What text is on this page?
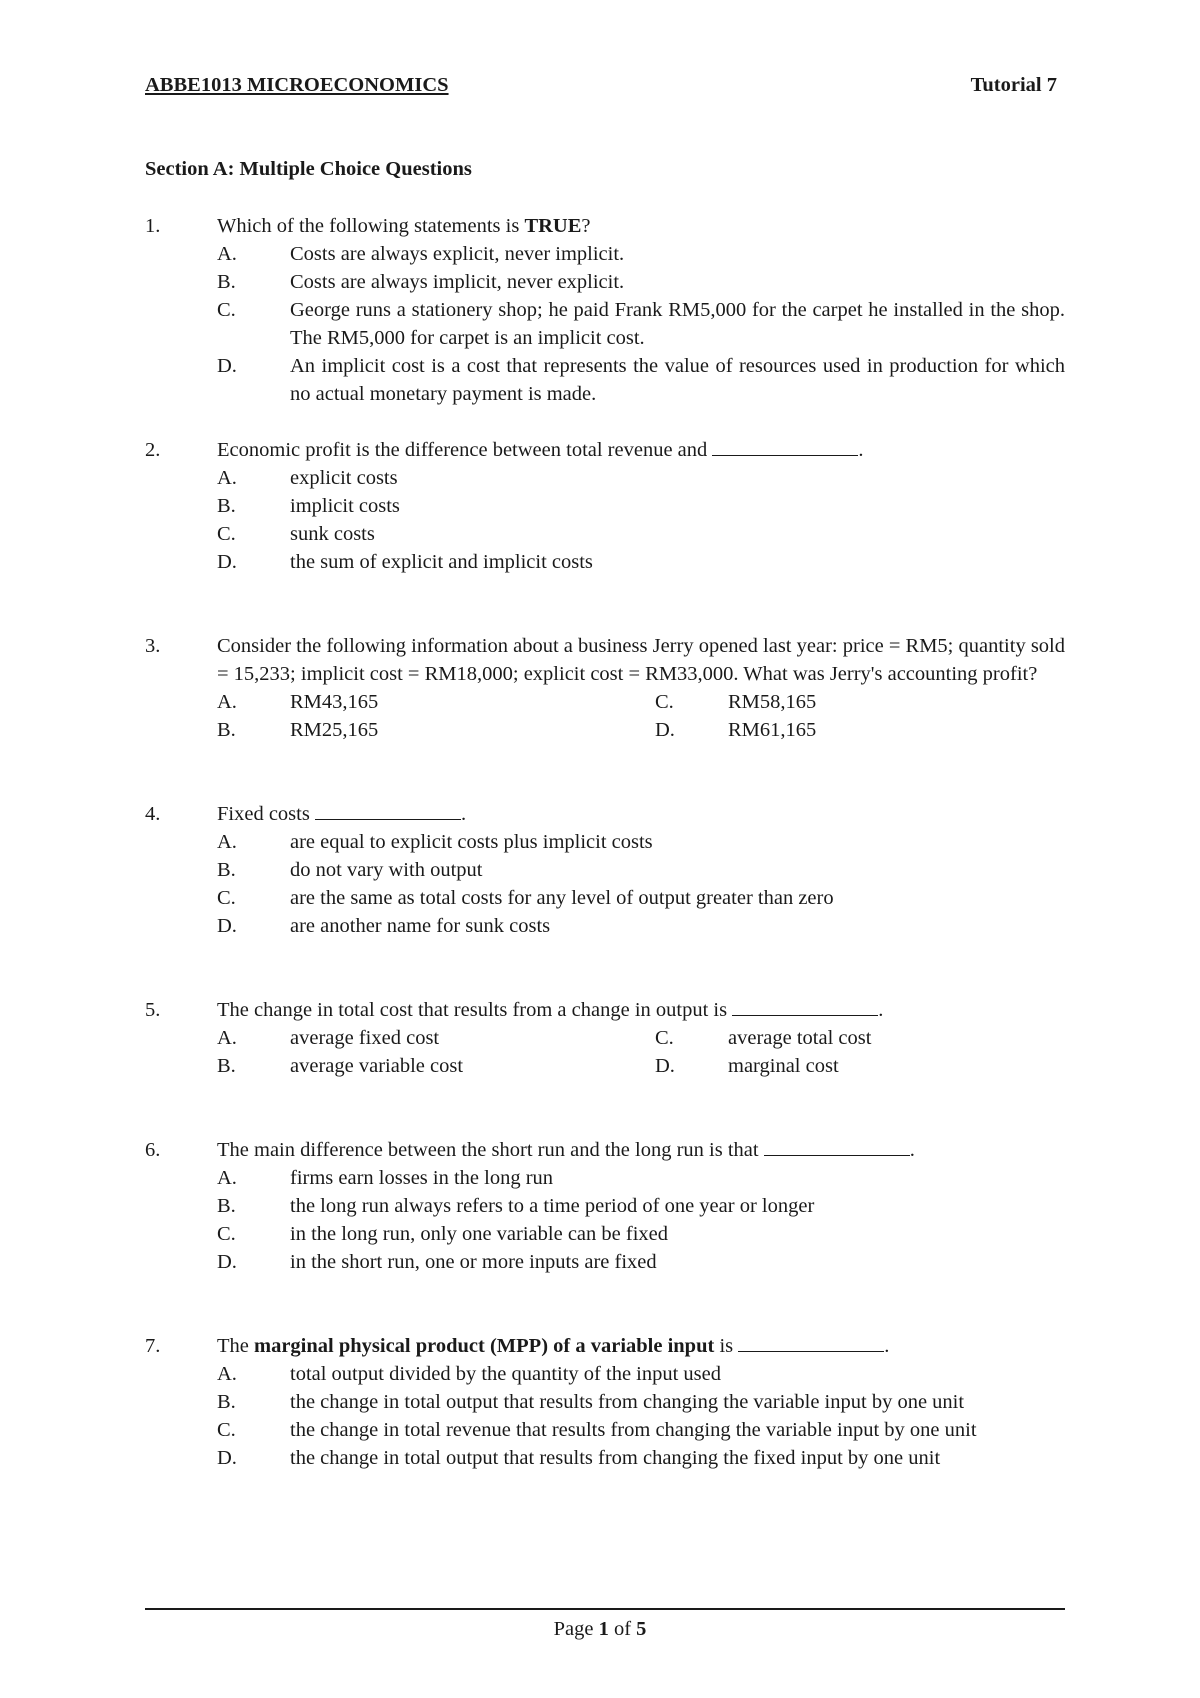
ABBE1013 MICROECONOMICS	Tutorial 7
Section A: Multiple Choice Questions
1.	Which of the following statements is TRUE?
A.	Costs are always explicit, never implicit.
B.	Costs are always implicit, never explicit.
C.	George runs a stationery shop; he paid Frank RM5,000 for the carpet he installed in the shop. The RM5,000 for carpet is an implicit cost.
D.	An implicit cost is a cost that represents the value of resources used in production for which no actual monetary payment is made.
2.	Economic profit is the difference between total revenue and	.
A.	explicit costs
B.	implicit costs
C.	sunk costs
D.	the sum of explicit and implicit costs
3.	Consider the following information about a business Jerry opened last year: price = RM5; quantity sold = 15,233; implicit cost = RM18,000; explicit cost = RM33,000. What was Jerry's accounting profit?
A.	RM43,165	C.	RM58,165
B.	RM25,165	D.	RM61,165
4.	Fixed costs	.
A.	are equal to explicit costs plus implicit costs
B.	do not vary with output
C.	are the same as total costs for any level of output greater than zero
D.	are another name for sunk costs
5.	The change in total cost that results from a change in output is	.
A.	average fixed cost	C.	average total cost
B.	average variable cost	D.	marginal cost
6.	The main difference between the short run and the long run is that	.
A.	firms earn losses in the long run
B.	the long run always refers to a time period of one year or longer
C.	in the long run, only one variable can be fixed
D.	in the short run, one or more inputs are fixed
7.	The marginal physical product (MPP) of a variable input is	.
A.	total output divided by the quantity of the input used
B.	the change in total output that results from changing the variable input by one unit
C.	the change in total revenue that results from changing the variable input by one unit
D.	the change in total output that results from changing the fixed input by one unit
Page 1 of 5
